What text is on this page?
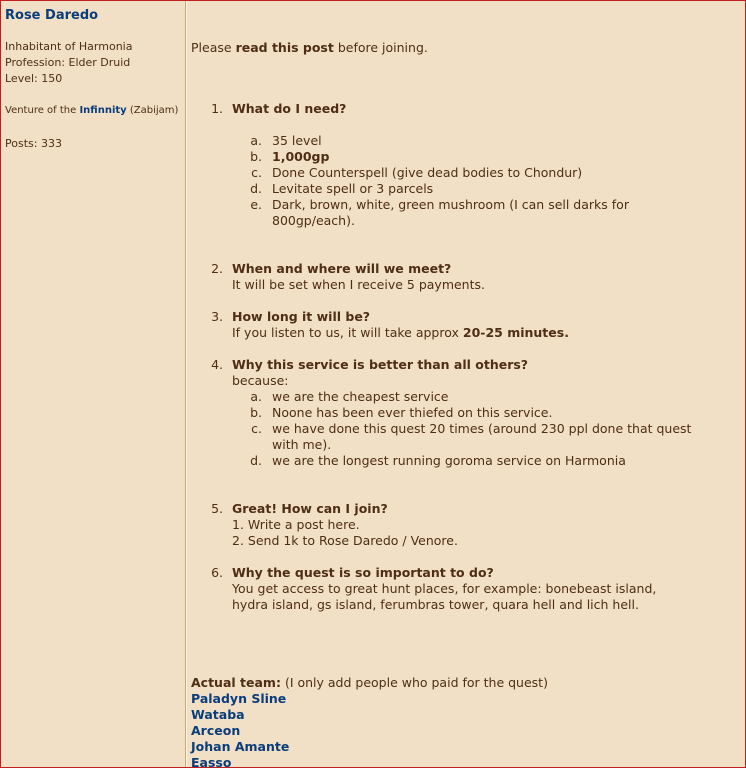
Rose Daredo
Inhabitant of Harmonia
Profession: Elder Druid
Level: 150
Venture of the Infinnity (Zabijam)
Posts: 333
Please read this post before joining.
1. What do I need?
a. 35 level
b. 1,000gp
c. Done Counterspell (give dead bodies to Chondur)
d. Levitate spell or 3 parcels
e. Dark, brown, white, green mushroom (I can sell darks for
800gp/each).
2. When and where will we meet?
It will be set when I receive 5 payments.
3. How long it will be?
If you listen to us, it will take approx 20-25 minutes.
4. Why this service is better than all others?
because:
a. we are the cheapest service
b. Noone has been ever thiefed on this service.
c. we have done this quest 20 times (around 230 ppl done that quest
with me).
d. we are the longest running goroma service on Harmonia
5. Great! How can I join?
1. Write a post here.
2. Send 1k to Rose Daredo / Venore.
6. Why the quest is so important to do?
You get access to great hunt places, for example: bonebeast island,
hydra island, gs island, ferumbras tower, quara hell and lich hell.
Actual team: (I only add people who paid for the quest)
Paladyn Sline
Wataba
Arceon
Johan Amante
Easso
